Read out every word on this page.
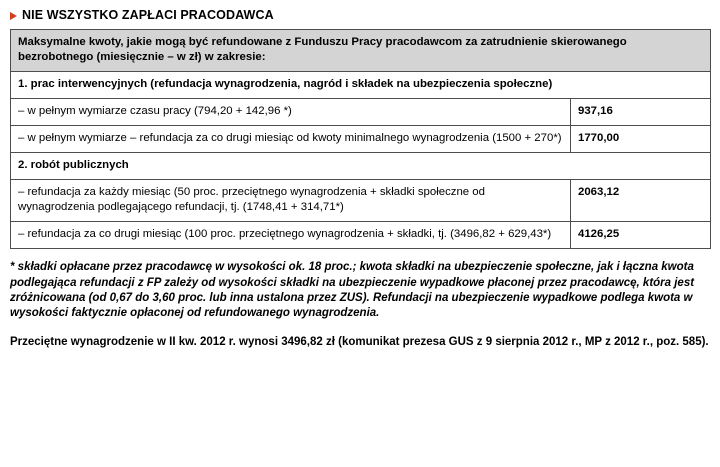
NIE WSZYSTKO ZAPŁACI PRACODAWCA
Maksymalne kwoty, jakie mogą być refundowane z Funduszu Pracy pracodawcom za zatrudnienie skierowanego bezrobotnego (miesięcznie – w zł) w zakresie:	
1. prac interwencyjnych (refundacja wynagrodzenia, nagród i składek na ubezpieczenia społeczne)	
– w pełnym wymiarze czasu pracy (794,20 + 142,96 *)	937,16
– w pełnym wymiarze – refundacja za co drugi miesiąc od kwoty minimalnego wynagrodzenia (1500 + 270*)	1770,00
2. robót publicznych	
– refundacja za każdy miesiąc (50 proc. przeciętnego wynagrodzenia + składki społeczne od wynagrodzenia podlegającego refundacji, tj. (1748,41 + 314,71*)	2063,12
– refundacja za co drugi miesiąc (100 proc. przeciętnego wynagrodzenia + składki, tj. (3496,82 + 629,43*)	4126,25
* składki opłacane przez pracodawcę w wysokości ok. 18 proc.; kwota składki na ubezpieczenie społeczne, jak i łączna kwota podlegająca refundacji z FP zależy od wysokości składki na ubezpieczenie wypadkowe płaconej przez pracodawcę, która jest zróżnicowana (od 0,67 do 3,60 proc. lub inna ustalona przez ZUS). Refundacji na ubezpieczenie wypadkowe podlega kwota w wysokości faktycznie opłaconej od refundowanego wynagrodzenia.
Przeciętne wynagrodzenie w II kw. 2012 r. wynosi 3496,82 zł (komunikat prezesa GUS z 9 sierpnia 2012 r., MP z 2012 r., poz. 585).
